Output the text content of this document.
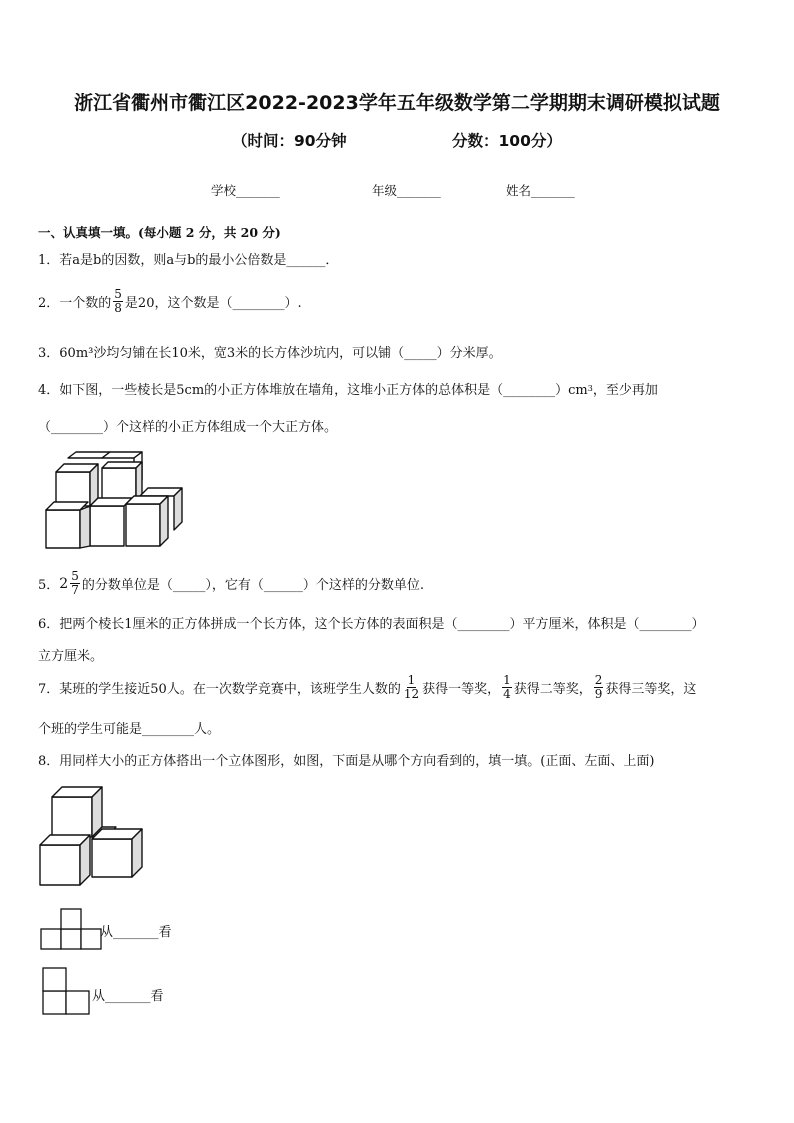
浙江省衢州市衢江区2022-2023学年五年级数学第二学期期末调研模拟试题
（时间：90分钟	分数：100分）
学校_______	年级_______	姓名_______
一、认真填一填。(每小题 2 分，共 20 分)
1．若a是b的因数，则a与b的最小公倍数是______．
2．一个数的 $\frac{5}{8}$ 是20，这个数是（________）.
3．60m³沙均匀铺在长10米，宽3米的长方体沙坑内，可以铺（_____）分米厚。
4．如下图，一些棱长是5cm的小正方体堆放在墙角，这堆小正方体的总体积是（________）cm 3 ，至少再加
（________）个这样的小正方体组成一个大正方体。
5． $2 \frac{5}{7}$ 的分数单位是（_____），它有（______）个这样的分数单位.
6．把两个棱长1厘米的正方体拼成一个长方体，这个长方体的表面积是（________）平方厘米，体积是（________）
立方厘米。
7．某班的学生接近50人。在一次数学竞赛中，该班学生人数的 $\frac{1}{12}$ 获得一等奖， $\frac{1}{4}$ 获得二等奖， $\frac{2}{9}$ 获得三等奖，这
个班的学生可能是________人。
8．用同样大小的正方体搭出一个立体图形，如图，下面是从哪个方向看到的，填一填。(正面、左面、上面)
从_______看
从_______看
